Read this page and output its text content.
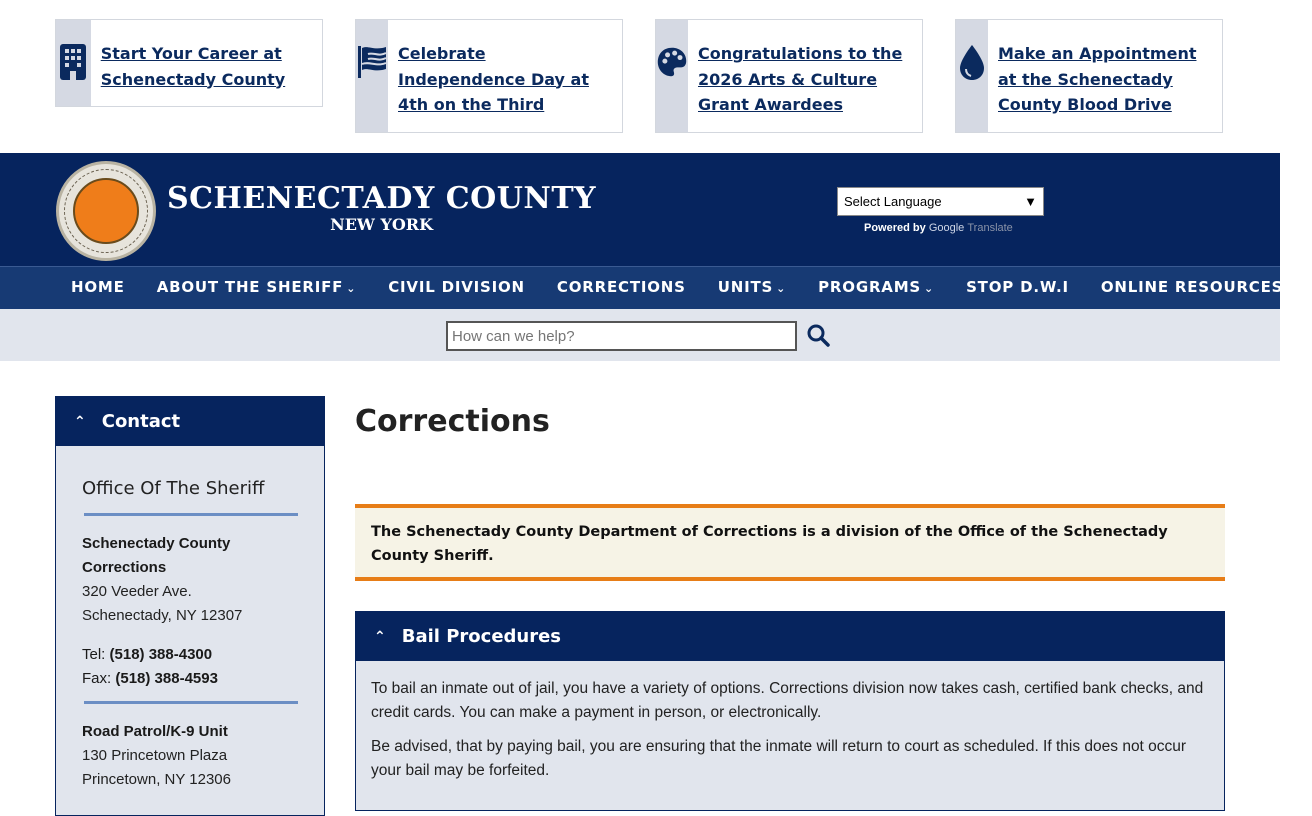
Start Your Career at Schenectady County
Celebrate Independence Day at 4th on the Third
Congratulations to the 2026 Arts & Culture Grant Awardees
Make an Appointment at the Schenectady County Blood Drive
SCHENECTADY COUNTY
NEW YORK
Select Language	▼
Powered by Google Translate
HOME	ABOUT THE SHERIFF ⌄	CIVIL DIVISION	CORRECTIONS	UNITS ⌄	PROGRAMS ⌄	STOP D.W.I	ONLINE RESOURCES ⌄
How can we help?
⌃ Contact
Office Of The Sheriff
Schenectady County Corrections
320 Veeder Ave.
Schenectady, NY 12307
Tel: (518) 388-4300
Fax: (518) 388-4593
Road Patrol/K-9 Unit
130 Princetown Plaza
Princetown, NY 12306
Corrections
The Schenectady County Department of Corrections is a division of the Office of the Schenectady County Sheriff.
⌃ Bail Procedures

To bail an inmate out of jail, you have a variety of options. Corrections division now takes cash, certified bank checks, and credit cards. You can make a payment in person, or electronically.

Be advised, that by paying bail, you are ensuring that the inmate will return to court as scheduled. If this does not occur your bail may be forfeited.
